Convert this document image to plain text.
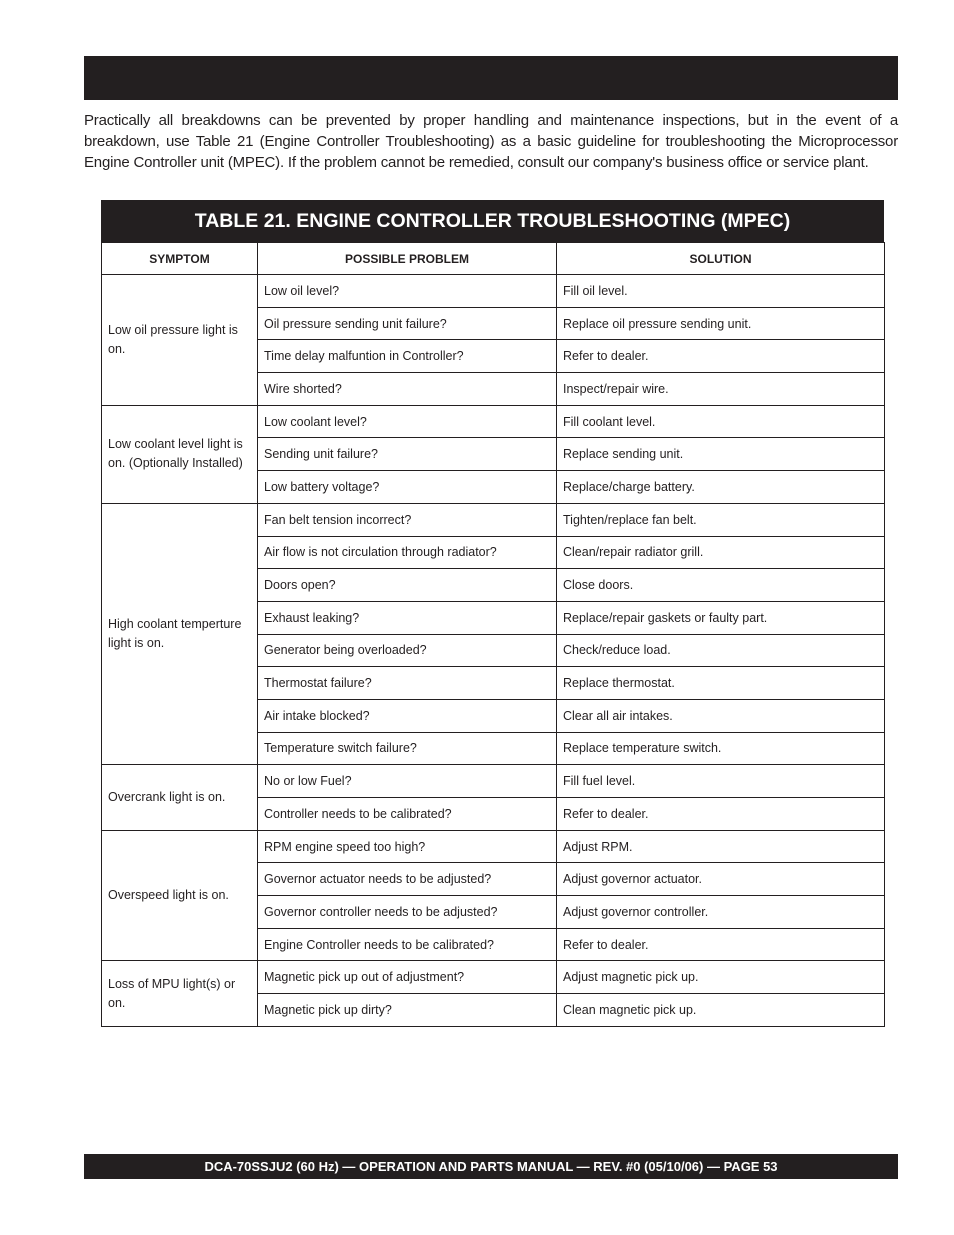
Practically all breakdowns can be prevented by proper handling and maintenance inspections, but in the event of a breakdown, use Table 21 (Engine Controller Troubleshooting) as a basic guideline for troubleshooting the Microprocessor Engine Controller unit (MPEC). If the problem cannot be remedied, consult our company's business office or service plant.

TABLE 21. ENGINE CONTROLLER TROUBLESHOOTING (MPEC)
SYMPTOM	POSSIBLE PROBLEM	SOLUTION
Low oil pressure light is on.	Low oil level?	Fill oil level.
	Oil pressure sending unit failure?	Replace oil pressure sending unit.
	Time delay malfuntion in Controller?	Refer to dealer.
	Wire shorted?	Inspect/repair wire.
Low coolant level light is on. (Optionally Installed)	Low coolant level?	Fill coolant level.
	Sending unit failure?	Replace sending unit.
	Low battery voltage?	Replace/charge battery.
High coolant temperture light is on.	Fan belt tension incorrect?	Tighten/replace fan belt.
	Air flow is not circulation through radiator?	Clean/repair radiator grill.
	Doors open?	Close doors.
	Exhaust leaking?	Replace/repair gaskets or faulty part.
	Generator being overloaded?	Check/reduce load.
	Thermostat failure?	Replace thermostat.
	Air intake blocked?	Clear all air intakes.
	Temperature switch failure?	Replace temperature switch.
Overcrank light is on.	No or low Fuel?	Fill fuel level.
	Controller needs to be calibrated?	Refer to dealer.
Overspeed light is on.	RPM engine speed too high?	Adjust RPM.
	Governor actuator needs to be adjusted?	Adjust governor actuator.
	Governor controller needs to be adjusted?	Adjust governor controller.
	Engine Controller needs to be calibrated?	Refer to dealer.
Loss of MPU light(s) or on.	Magnetic pick up out of adjustment?	Adjust magnetic pick up.
	Magnetic pick up dirty?	Clean magnetic pick up.
DCA-70SSJU2 (60 Hz) — OPERATION AND PARTS MANUAL — REV. #0 (05/10/06) — PAGE 53
